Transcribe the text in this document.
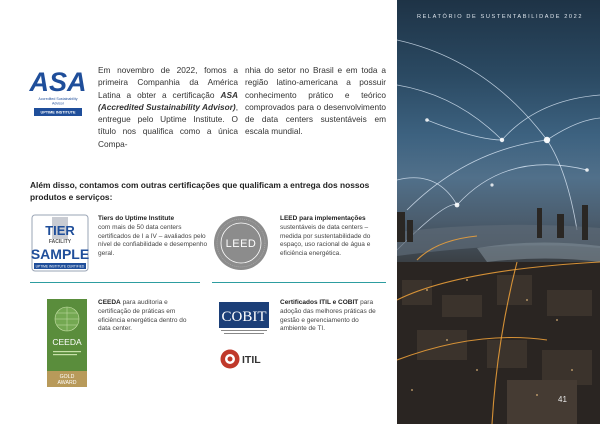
RELATÓRIO DE SUSTENTABILIDADE 2022
41
ASA
Accredited Sustainability
Advisor
UPTIME INSTITUTE

Em novembro de 2022, fomos a primeira Companhia da América Latina a obter a certificação ASA (Accredited Sustainability Advisor), entregue pelo Uptime Institute. O título nos qualifica como a única Compa-

nhia do setor no Brasil e em toda a região latino-americana a possuir conhecimento prático e teórico comprovados para o desenvolvimento de data centers sustentáveis em escala mundial.

Além disso, contamos com outras certificações que qualificam a entrega dos nossos produtos e serviços:

TIER
FACILITY
SAMPLE
UPTIME INSTITUTE CERTIFIED
Tiers do Uptime Institute
com mais de 50 data centers certificados de I a IV – avaliados pelo nível de confiabilidade e desempenho geral.
LEED
LEED para implementações
sustentáveis de data centers – medida por sustentabilidade do espaço, uso racional de água e eficiência energética.
CEEDA
GOLD
AWARD
CEEDA para auditoria e certificação de práticas em eficiência energética dentro do data center.
COBIT
ITIL
Certificados ITIL e COBIT para adoção das melhores práticas de gestão e gerenciamento do ambiente de TI.
